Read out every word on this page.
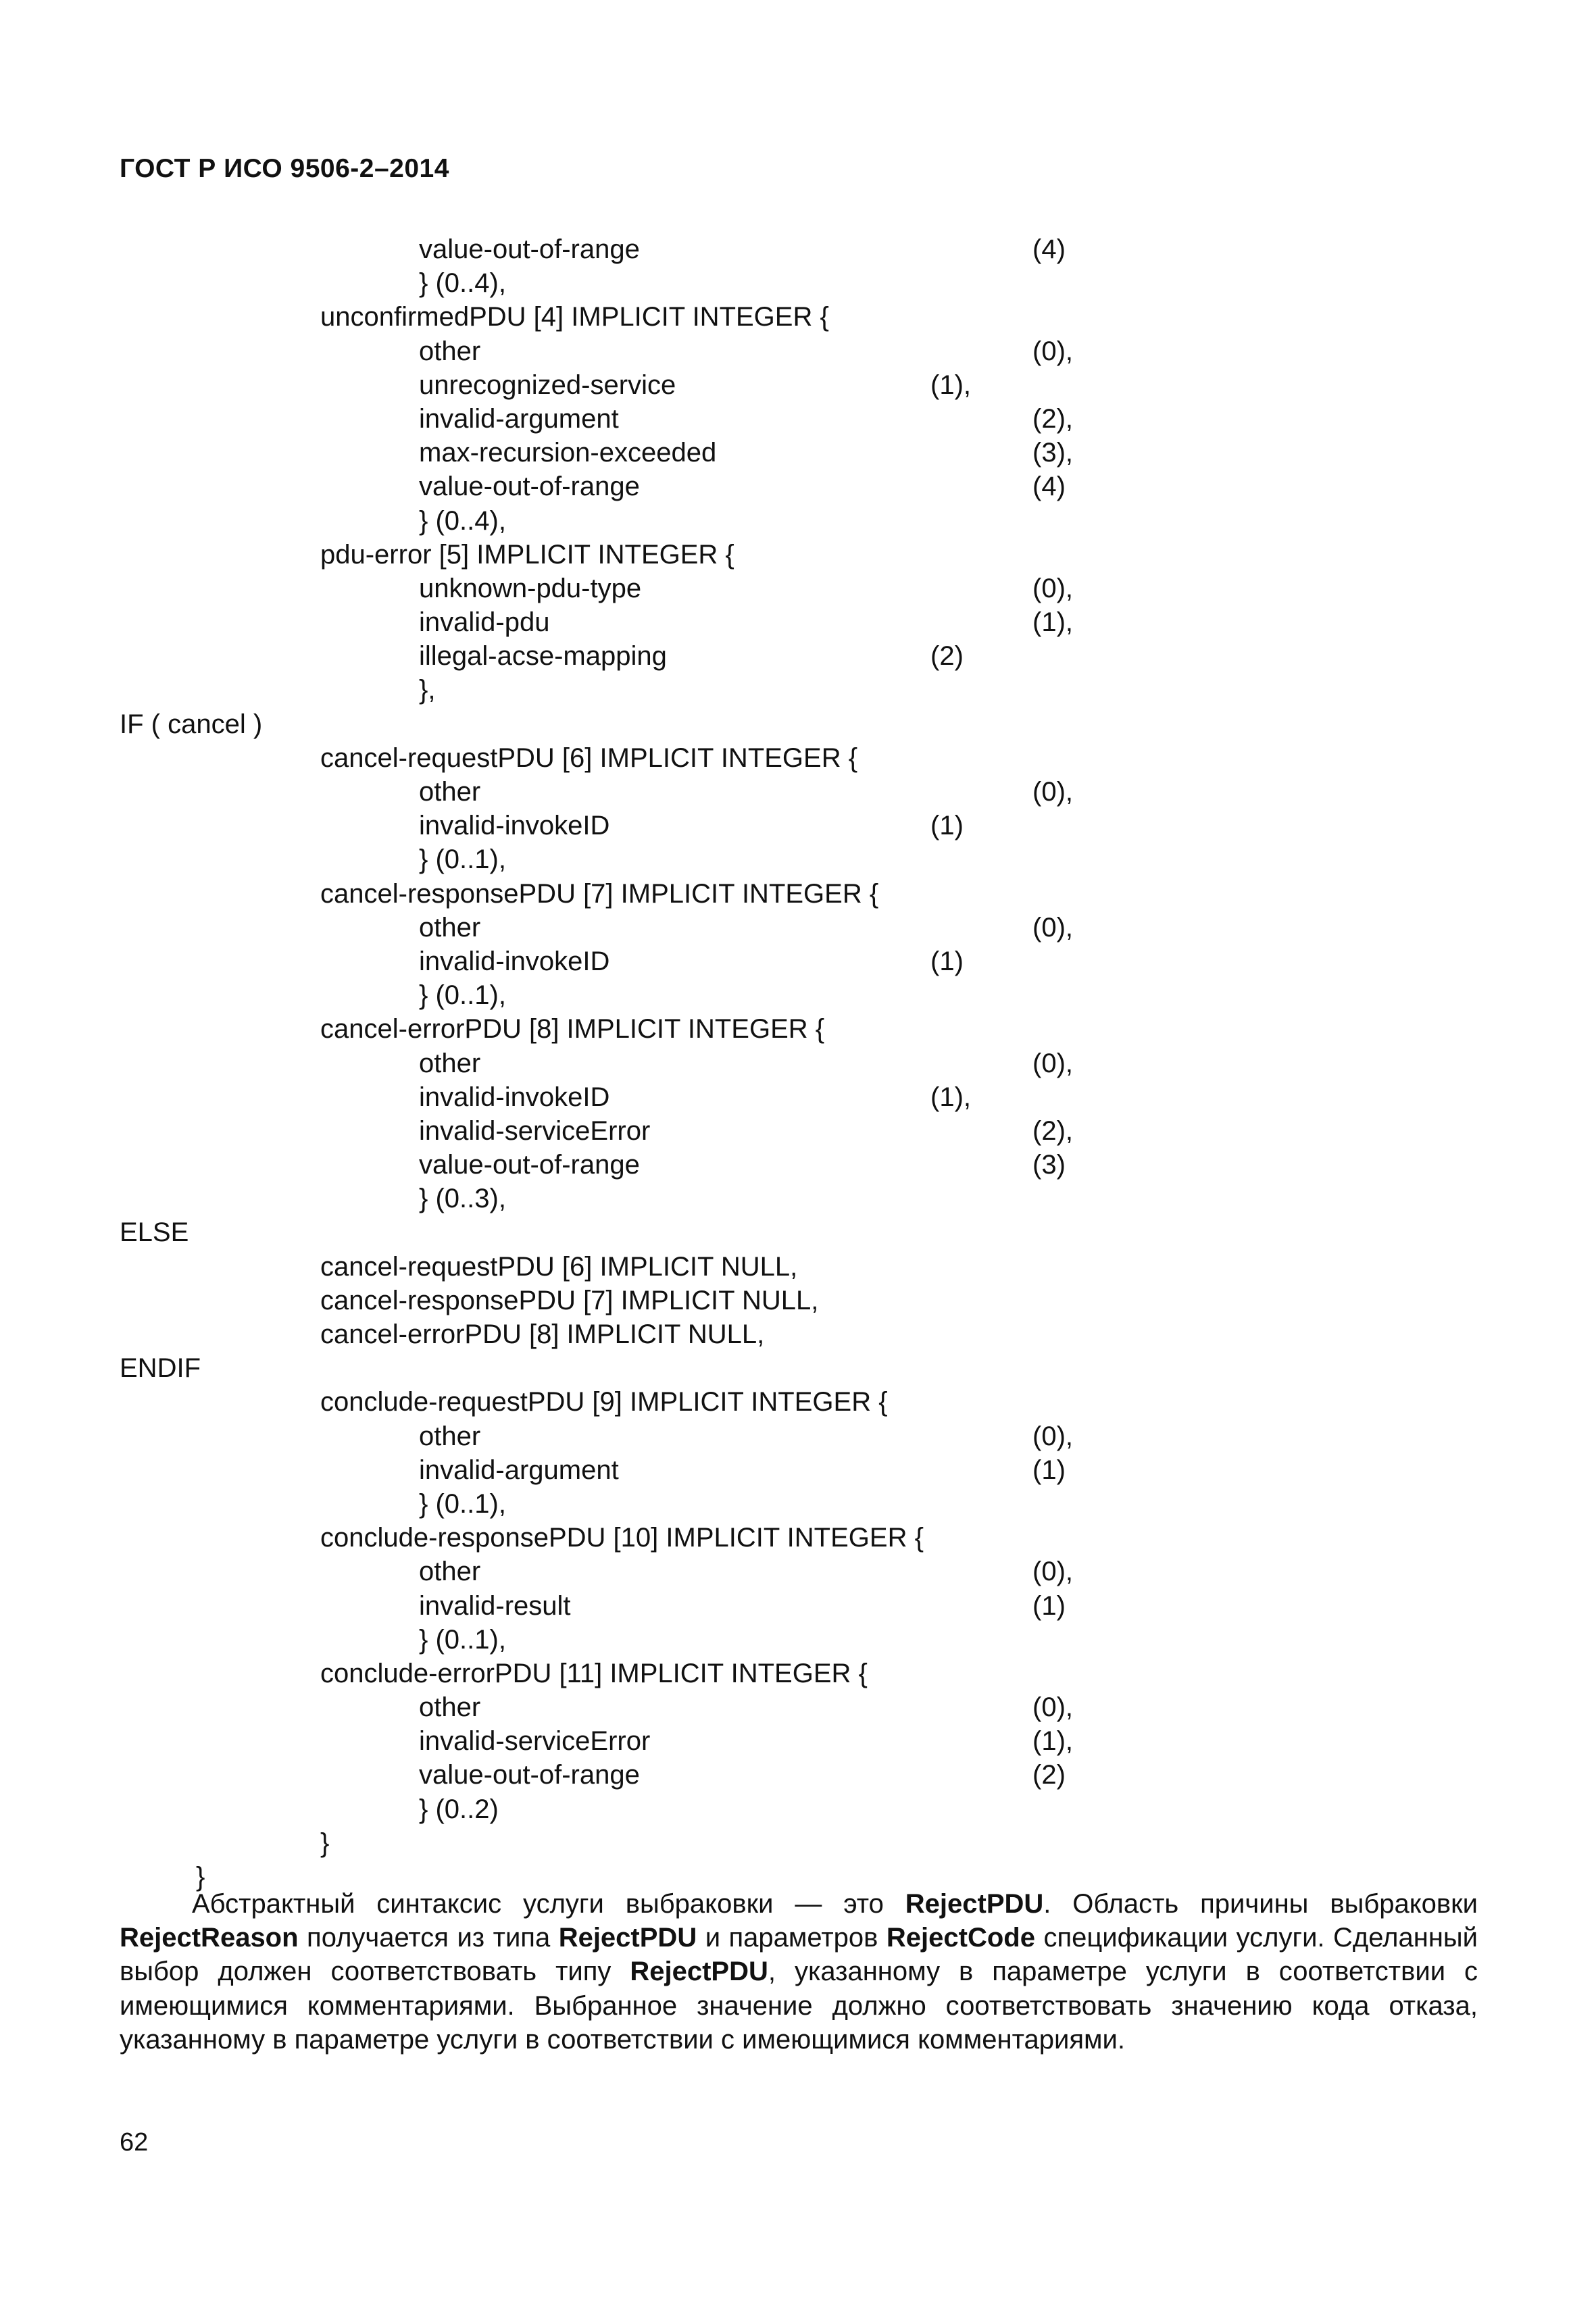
ГОСТ Р ИСО 9506-2–2014
value-out-of-range	(4)
} (0..4),
unconfirmedPDU [4] IMPLICIT INTEGER {
other	(0),
unrecognized-service	(1),
invalid-argument	(2),
max-recursion-exceeded	(3),
value-out-of-range	(4)
} (0..4),
pdu-error [5] IMPLICIT INTEGER {
unknown-pdu-type	(0),
invalid-pdu	(1),
illegal-acse-mapping	(2)
},
IF ( cancel )
cancel-requestPDU [6] IMPLICIT INTEGER {
other	(0),
invalid-invokeID	(1)
} (0..1),
cancel-responsePDU [7] IMPLICIT INTEGER {
other	(0),
invalid-invokeID	(1)
} (0..1),
cancel-errorPDU [8] IMPLICIT INTEGER {
other	(0),
invalid-invokeID	(1),
invalid-serviceError	(2),
value-out-of-range	(3)
} (0..3),
ELSE
cancel-requestPDU [6] IMPLICIT NULL,
cancel-responsePDU [7] IMPLICIT NULL,
cancel-errorPDU [8] IMPLICIT NULL,
ENDIF
conclude-requestPDU [9] IMPLICIT INTEGER {
other	(0),
invalid-argument	(1)
} (0..1),
conclude-responsePDU [10] IMPLICIT INTEGER {
other	(0),
invalid-result	(1)
} (0..1),
conclude-errorPDU [11] IMPLICIT INTEGER {
other	(0),
invalid-serviceError	(1),
value-out-of-range	(2)
} (0..2)
}
}
Абстрактный синтаксис услуги выбраковки — это RejectPDU. Область причины выбраковки RejectReason получается из типа RejectPDU и параметров RejectCode спецификации услуги. Сделанный выбор должен соответствовать типу RejectPDU, указанному в параметре услуги в соответствии с имеющимися комментариями. Выбранное значение должно соответствовать значению кода отказа, указанному в параметре услуги в соответствии с имеющимися комментариями.
62
